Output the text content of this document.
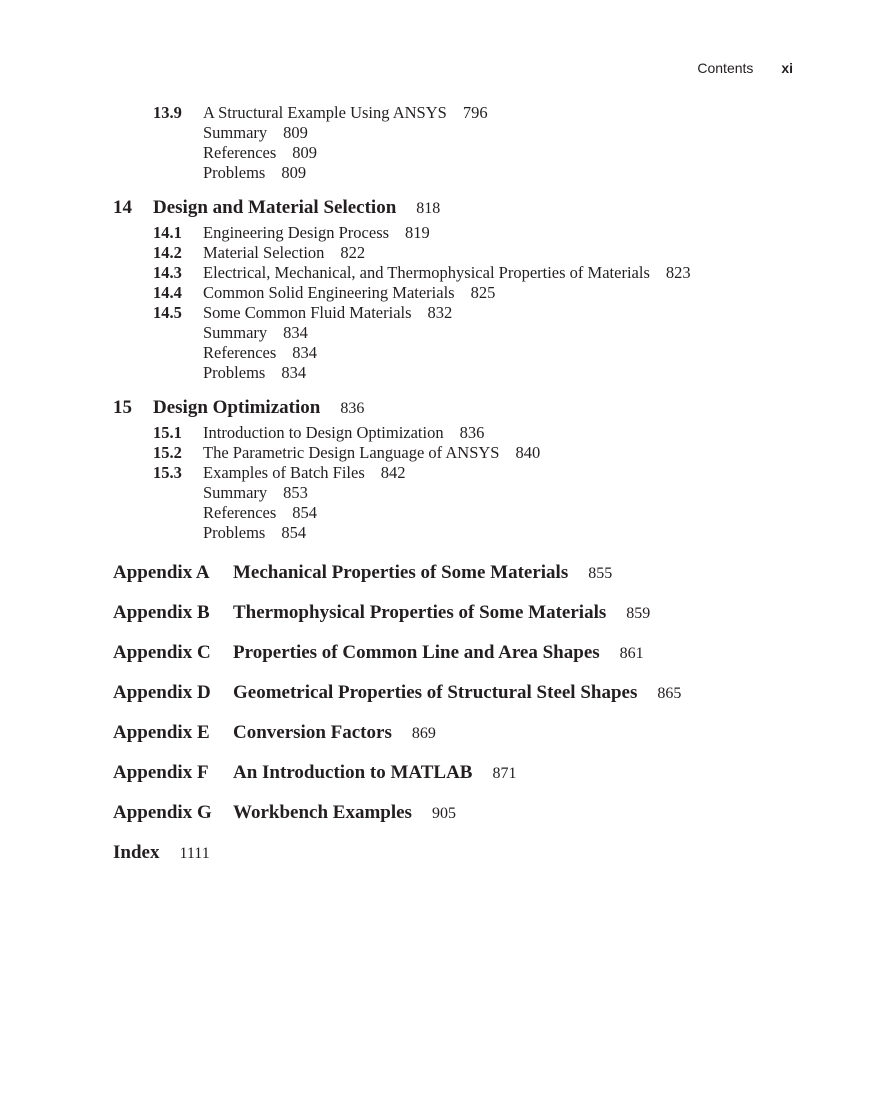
Contents xi
13.9	A Structural Example Using ANSYS 796
Summary 809
References 809
Problems 809
14	Design and Material Selection 818
14.1	Engineering Design Process 819
14.2	Material Selection 822
14.3	Electrical, Mechanical, and Thermophysical Properties of Materials 823
14.4	Common Solid Engineering Materials 825
14.5	Some Common Fluid Materials 832
Summary 834
References 834
Problems 834
15	Design Optimization 836
15.1	Introduction to Design Optimization 836
15.2	The Parametric Design Language of ANSYS 840
15.3	Examples of Batch Files 842
Summary 853
References 854
Problems 854
Appendix A	Mechanical Properties of Some Materials 855
Appendix B	Thermophysical Properties of Some Materials 859
Appendix C	Properties of Common Line and Area Shapes 861
Appendix D	Geometrical Properties of Structural Steel Shapes 865
Appendix E	Conversion Factors 869
Appendix F	An Introduction to MATLAB 871
Appendix G	Workbench Examples 905
Index 1111
